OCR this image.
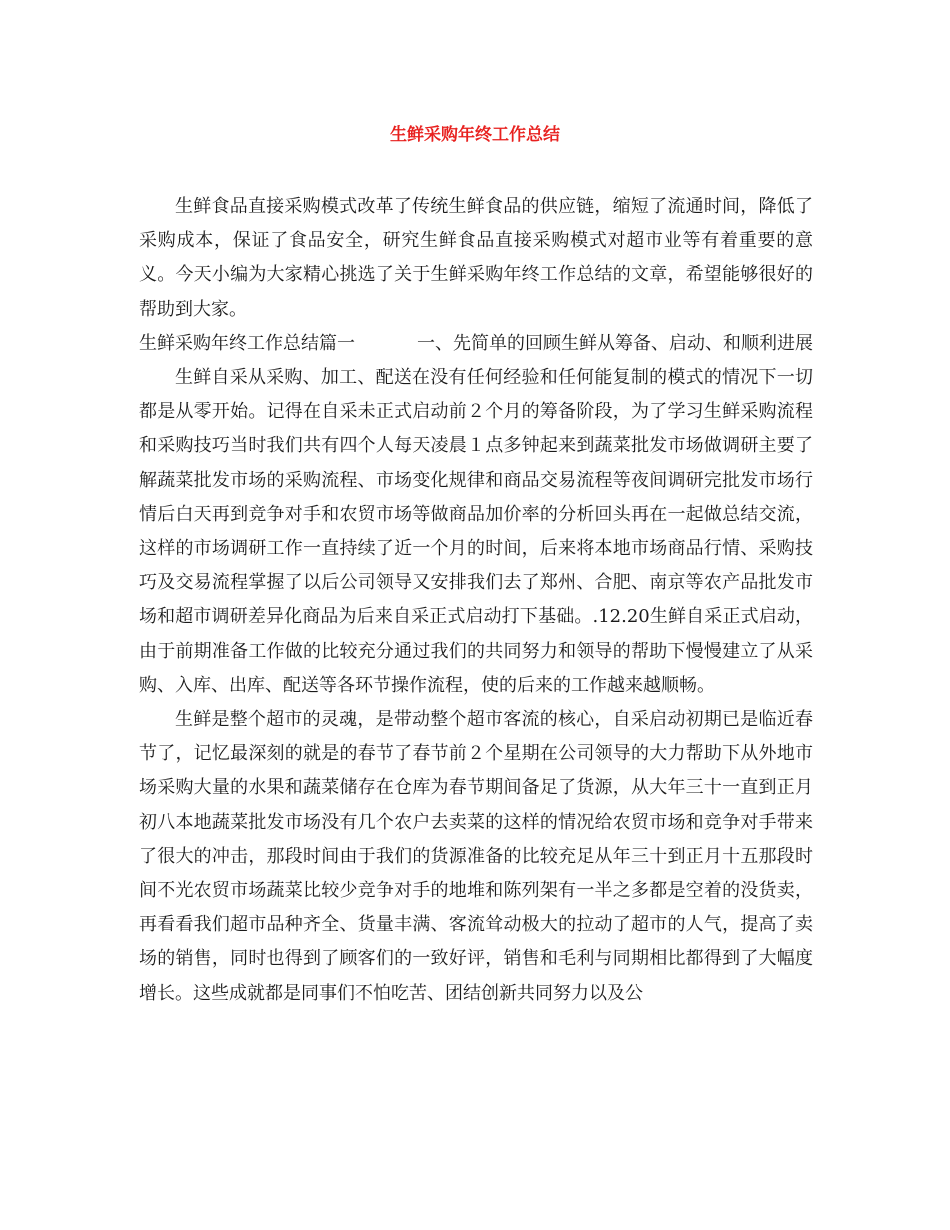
生鲜采购年终工作总结

生鲜食品直接采购模式改革了传统生鲜食品的供应链，缩短了流通时间，降低了采购成本，保证了食品安全，研究生鲜食品直接采购模式对超市业等有着重要的意义。今天小编为大家精心挑选了关于生鲜采购年终工作总结的文章，希望能够很好的帮助到大家。

生鲜采购年终工作总结篇一	一、先简单的回顾生鲜从筹备、启动、和顺利进展

生鲜自采从采购、加工、配送在没有任何经验和任何能复制的模式的情况下一切都是从零开始。记得在自采未正式启动前２个月的筹备阶段，为了学习生鲜采购流程和采购技巧当时我们共有四个人每天凌晨１点多钟起来到蔬菜批发市场做调研主要了解蔬菜批发市场的采购流程、市场变化规律和商品交易流程等夜间调研完批发市场行情后白天再到竞争对手和农贸市场等做商品加价率的分析回头再在一起做总结交流，这样的市场调研工作一直持续了近一个月的时间，后来将本地市场商品行情、采购技巧及交易流程掌握了以后公司领导又安排我们去了郑州、合肥、南京等农产品批发市场和超市调研差异化商品为后来自采正式启动打下基础。.12.20生鲜自采正式启动，由于前期准备工作做的比较充分通过我们的共同努力和领导的帮助下慢慢建立了从采购、入库、出库、配送等各环节操作流程，使的后来的工作越来越顺畅。

生鲜是整个超市的灵魂，是带动整个超市客流的核心，自采启动初期已是临近春节了，记忆最深刻的就是的春节了春节前２个星期在公司领导的大力帮助下从外地市场采购大量的水果和蔬菜储存在仓库为春节期间备足了货源，从大年三十一直到正月初八本地蔬菜批发市场没有几个农户去卖菜的这样的情况给农贸市场和竞争对手带来了很大的冲击，那段时间由于我们的货源准备的比较充足从年三十到正月十五那段时间不光农贸市场蔬菜比较少竞争对手的地堆和陈列架有一半之多都是空着的没货卖，再看看我们超市品种齐全、货量丰满、客流耸动极大的拉动了超市的人气，提高了卖场的销售，同时也得到了顾客们的一致好评，销售和毛利与同期相比都得到了大幅度增长。这些成就都是同事们不怕吃苦、团结创新共同努力以及公
